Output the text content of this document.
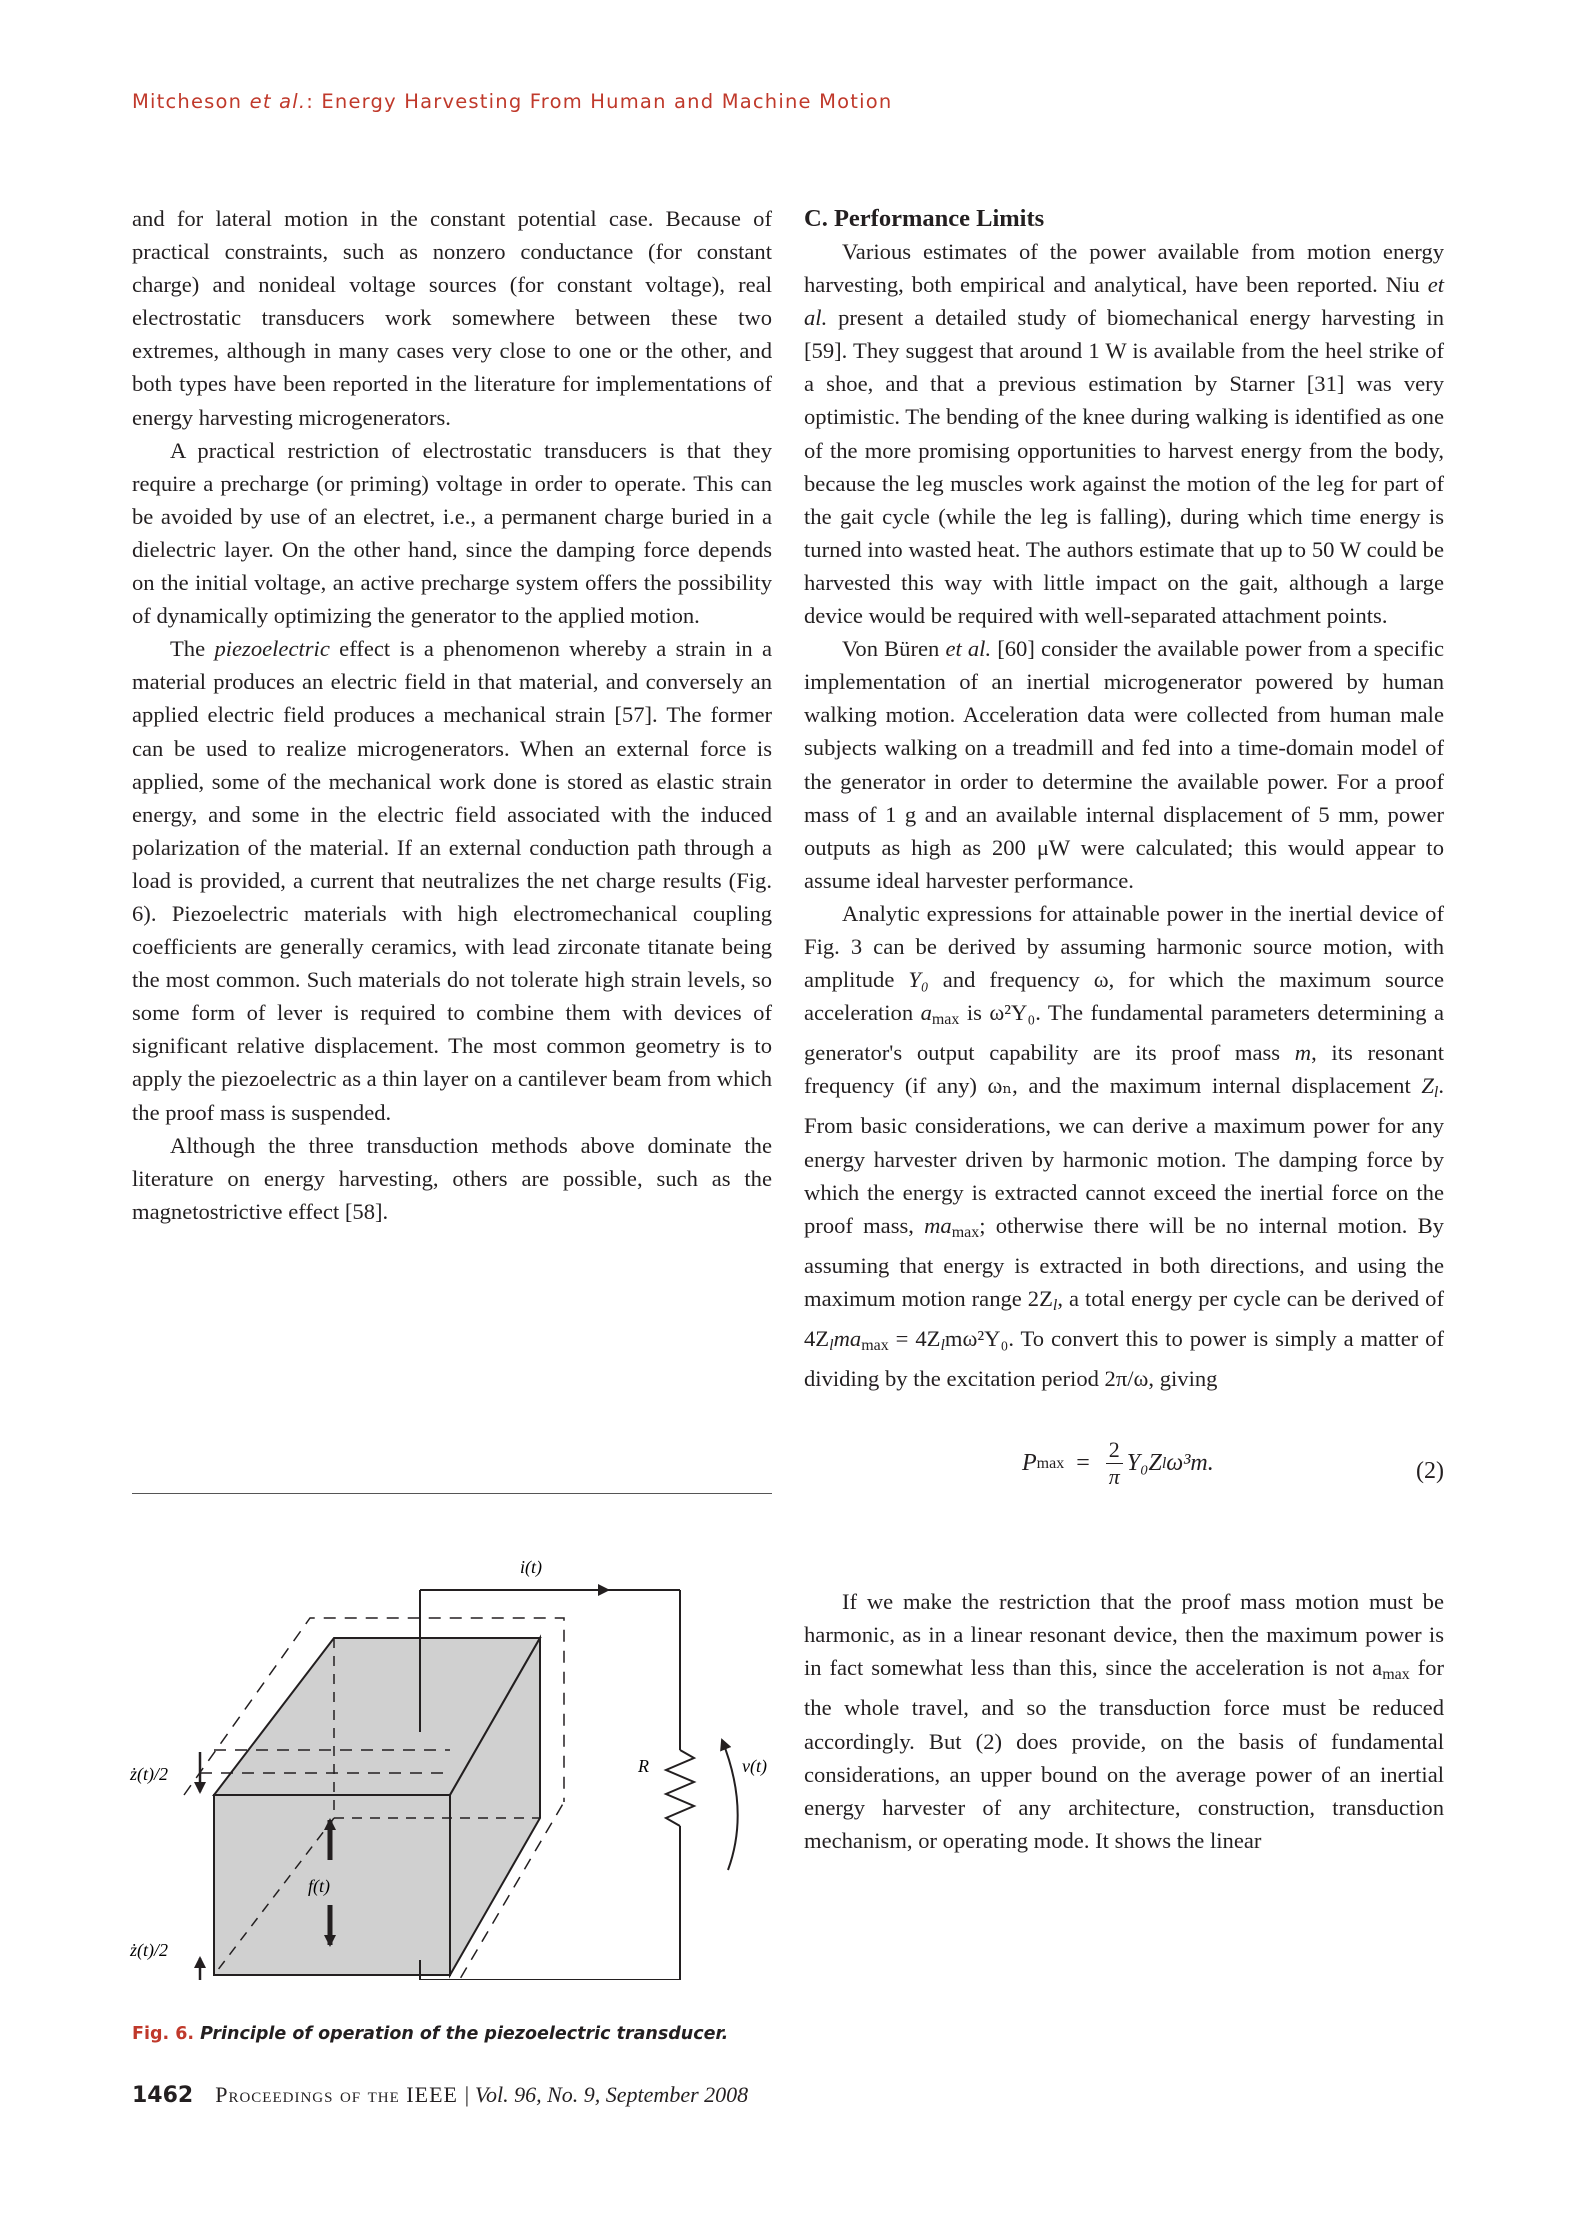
Mitcheson et al.: Energy Harvesting From Human and Machine Motion

and for lateral motion in the constant potential case. Because of practical constraints, such as nonzero conductance (for constant charge) and nonideal voltage sources (for constant voltage), real electrostatic transducers work somewhere between these two extremes, although in many cases very close to one or the other, and both types have been reported in the literature for implementations of energy harvesting microgenerators.

A practical restriction of electrostatic transducers is that they require a precharge (or priming) voltage in order to operate. This can be avoided by use of an electret, i.e., a permanent charge buried in a dielectric layer. On the other hand, since the damping force depends on the initial voltage, an active precharge system offers the possibility of dynamically optimizing the generator to the applied motion.

The piezoelectric effect is a phenomenon whereby a strain in a material produces an electric field in that material, and conversely an applied electric field produces a mechanical strain [57]. The former can be used to realize microgenerators. When an external force is applied, some of the mechanical work done is stored as elastic strain energy, and some in the electric field associated with the induced polarization of the material. If an external conduction path through a load is provided, a current that neutralizes the net charge results (Fig. 6). Piezoelectric materials with high electromechanical coupling coefficients are generally ceramics, with lead zirconate titanate being the most common. Such materials do not tolerate high strain levels, so some form of lever is required to combine them with devices of significant relative displacement. The most common geometry is to apply the piezoelectric as a thin layer on a cantilever beam from which the proof mass is suspended.

Although the three transduction methods above dominate the literature on energy harvesting, others are possible, such as the magnetostrictive effect [58].

i(t)
R	v(t)
f(t)
ż(t)/2
ż(t)/2
Fig. 6. Principle of operation of the piezoelectric transducer.
C. Performance Limits

Various estimates of the power available from motion energy harvesting, both empirical and analytical, have been reported. Niu et al. present a detailed study of biomechanical energy harvesting in [59]. They suggest that around 1 W is available from the heel strike of a shoe, and that a previous estimation by Starner [31] was very optimistic. The bending of the knee during walking is identified as one of the more promising opportunities to harvest energy from the body, because the leg muscles work against the motion of the leg for part of the gait cycle (while the leg is falling), during which time energy is turned into wasted heat. The authors estimate that up to 50 W could be harvested this way with little impact on the gait, although a large device would be required with well-separated attachment points.

Von Büren et al. [60] consider the available power from a specific implementation of an inertial microgenerator powered by human walking motion. Acceleration data were collected from human male subjects walking on a treadmill and fed into a time-domain model of the generator in order to determine the available power. For a proof mass of 1 g and an available internal displacement of 5 mm, power outputs as high as 200 μW were calculated; this would appear to assume ideal harvester performance.

Analytic expressions for attainable power in the inertial device of Fig. 3 can be derived by assuming harmonic source motion, with amplitude Y₀ and frequency ω, for which the maximum source acceleration $a_{max}$ is ω²Y₀. The fundamental parameters determining a generator's output capability are its proof mass m, its resonant frequency (if any) ωₙ, and the maximum internal displacement $Z_l$. From basic considerations, we can derive a maximum power for any energy harvester driven by harmonic motion. The damping force by which the energy is extracted cannot exceed the inertial force on the proof mass, $ma_{max}$; otherwise there will be no internal motion. By assuming that energy is extracted in both directions, and using the maximum motion range $2Z_l$, a total energy per cycle can be derived of $4Z_lma_{max} = 4Z_lm\omega^2Y_0$. To convert this to power is simply a matter of dividing by the excitation period 2π/ω, giving

P $\max = \frac{2}{\pi} Y_0Z$ l ω³m.	(2)

If we make the restriction that the proof mass motion must be harmonic, as in a linear resonant device, then the maximum power is in fact somewhat less than this, since the acceleration is not $a_{max}$ for the whole travel, and so the transduction force must be reduced accordingly. But (2) does provide, on the basis of fundamental considerations, an upper bound on the average power of an inertial energy harvester of any architecture, construction, transduction mechanism, or operating mode. It shows the linear

1462 Proceedings of the IEEE | Vol. 96, No. 9, September 2008
